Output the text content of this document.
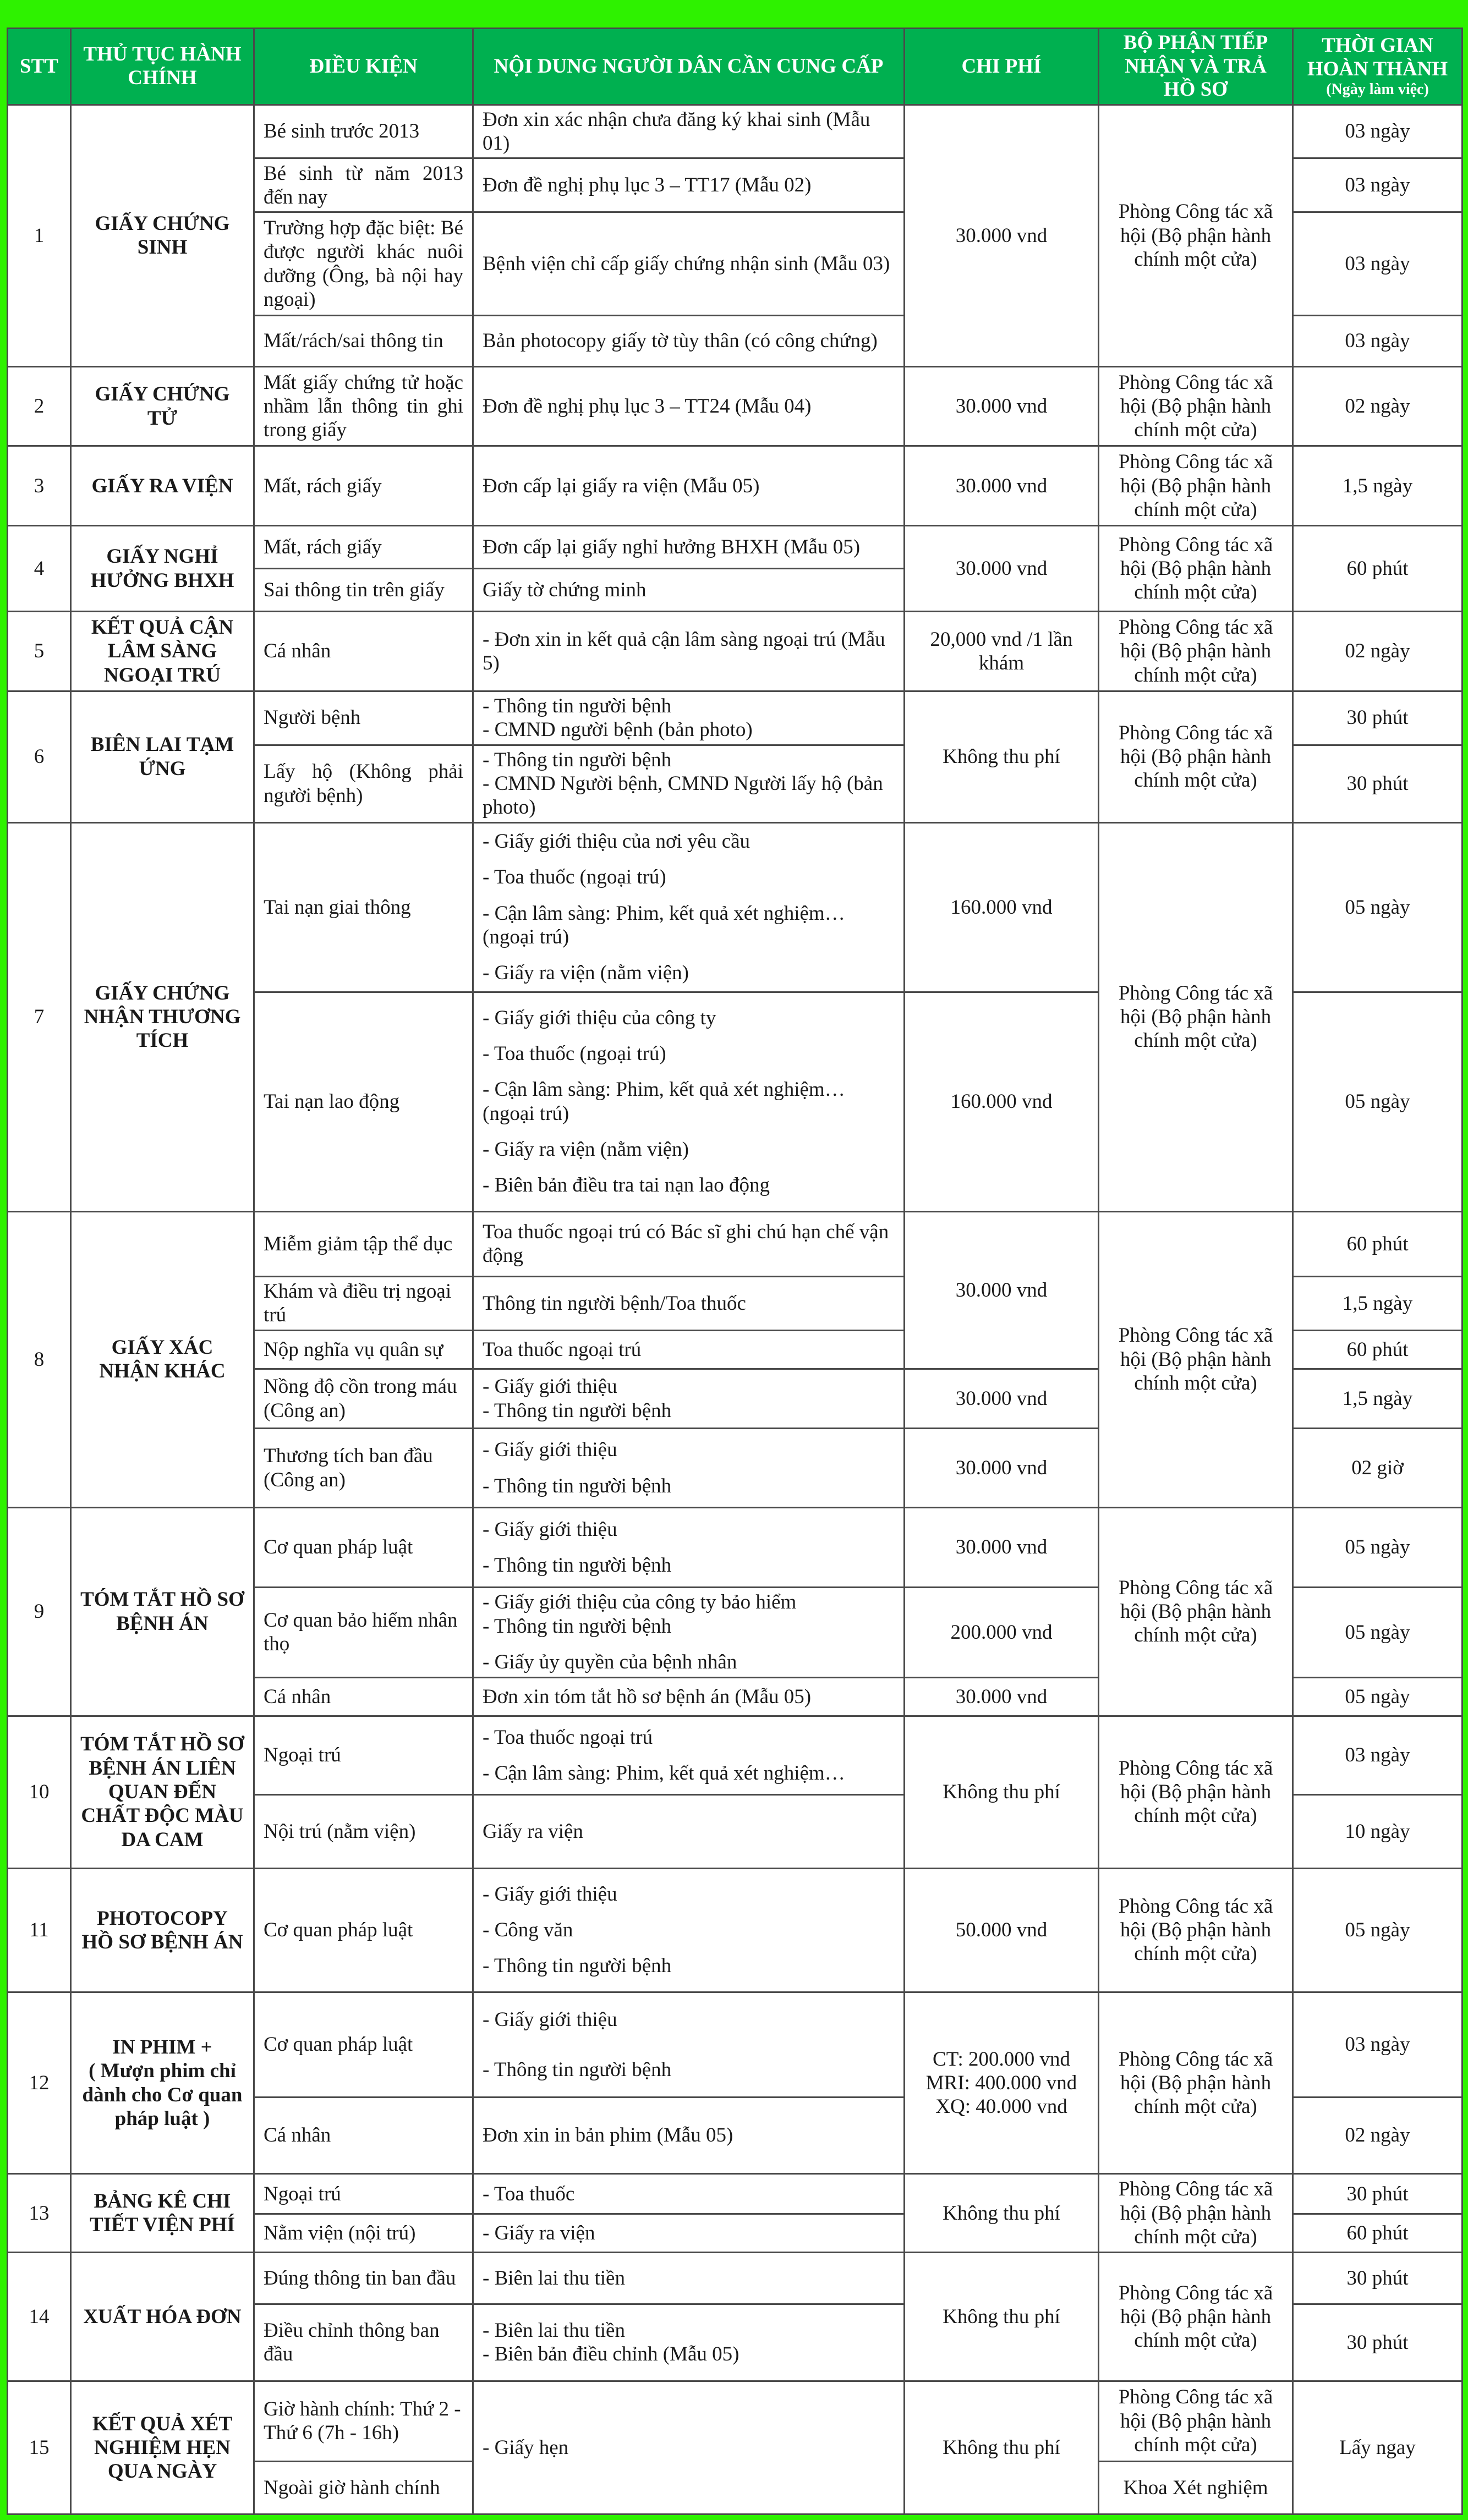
STT	THỦ TỤC HÀNH CHÍNH	ĐIỀU KIỆN	NỘI DUNG NGƯỜI DÂN CẦN CUNG CẤP	CHI PHÍ	BỘ PHẬN TIẾP NHẬN VÀ TRẢ HỒ SƠ	THỜI GIAN HOÀN THÀNH
(Ngày làm việc)

1	GIẤY CHỨNG SINH	Bé sinh trước 2013	Đơn xin xác nhận chưa đăng ký khai sinh (Mẫu 01)	30.000 vnd	Phòng Công tác xã hội (Bộ phận hành chính một cửa)	03 ngày
		Bé sinh từ năm 2013 đến nay	Đơn đề nghị phụ lục 3 – TT17 (Mẫu 02)			03 ngày
		Trường hợp đặc biệt: Bé được người khác nuôi dưỡng (Ông, bà nội hay ngoại)	Bệnh viện chỉ cấp giấy chứng nhận sinh (Mẫu 03)			03 ngày
		Mất/rách/sai thông tin	Bản photocopy giấy tờ tùy thân (có công chứng)			03 ngày
2	GIẤY CHỨNG TỬ	Mất giấy chứng tử hoặc nhầm lẫn thông tin ghi trong giấy	Đơn đề nghị phụ lục 3 – TT24 (Mẫu 04)	30.000 vnd	Phòng Công tác xã hội (Bộ phận hành chính một cửa)	02 ngày
3	GIẤY RA VIỆN	Mất, rách giấy	Đơn cấp lại giấy ra viện (Mẫu 05)	30.000 vnd	Phòng Công tác xã hội (Bộ phận hành chính một cửa)	1,5 ngày
4	GIẤY NGHỈ HƯỞNG BHXH	Mất, rách giấy	Đơn cấp lại giấy nghỉ hưởng BHXH (Mẫu 05)	30.000 vnd	Phòng Công tác xã hội (Bộ phận hành chính một cửa)	60 phút
		Sai thông tin trên giấy	Giấy tờ chứng minh			
5	KẾT QUẢ CẬN LÂM SÀNG NGOẠI TRÚ	Cá nhân	- Đơn xin in kết quả cận lâm sàng ngoại trú (Mẫu 5)	20,000 vnd /1 lần khám	Phòng Công tác xã hội (Bộ phận hành chính một cửa)	02 ngày
6	BIÊN LAI TẠM ỨNG	Người bệnh	- Thông tin người bệnh
- CMND người bệnh (bản photo)	Không thu phí	Phòng Công tác xã hội (Bộ phận hành chính một cửa)	30 phút
		Lấy hộ (Không phải người bệnh)	- Thông tin người bệnh
- CMND Người bệnh, CMND Người lấy hộ (bản photo)			30 phút
7	GIẤY CHỨNG NHẬN THƯƠNG TÍCH	Tai nạn giai thông	- Giấy giới thiệu của nơi yêu cầu
- Toa thuốc (ngoại trú)
- Cận lâm sàng: Phim, kết quả xét nghiệm…(ngoại trú)
- Giấy ra viện (nằm viện)	160.000 vnd	Phòng Công tác xã hội (Bộ phận hành chính một cửa)	05 ngày
		Tai nạn lao động	- Giấy giới thiệu của công ty
- Toa thuốc (ngoại trú)
- Cận lâm sàng: Phim, kết quả xét nghiệm…(ngoại trú)
- Giấy ra viện (nằm viện)
- Biên bản điều tra tai nạn lao động	160.000 vnd		05 ngày
8	GIẤY XÁC NHẬN KHÁC	Miễm giảm tập thể dục	Toa thuốc ngoại trú có Bác sĩ ghi chú hạn chế vận động	30.000 vnd	Phòng Công tác xã hội (Bộ phận hành chính một cửa)	60 phút
		Khám và điều trị ngoại trú	Thông tin người bệnh/Toa thuốc			1,5 ngày
		Nộp nghĩa vụ quân sự	Toa thuốc ngoại trú			60 phút
		Nồng độ cồn trong máu (Công an)	- Giấy giới thiệu
- Thông tin người bệnh	30.000 vnd		1,5 ngày
		Thương tích ban đầu (Công an)	- Giấy giới thiệu
- Thông tin người bệnh	30.000 vnd		02 giờ
9	TÓM TẮT HỒ SƠ BỆNH ÁN	Cơ quan pháp luật	- Giấy giới thiệu
- Thông tin người bệnh	30.000 vnd	Phòng Công tác xã hội (Bộ phận hành chính một cửa)	05 ngày
		Cơ quan bảo hiểm nhân thọ	- Giấy giới thiệu của công ty bảo hiểm
- Thông tin người bệnh
- Giấy ủy quyền của bệnh nhân	200.000 vnd		05 ngày
		Cá nhân	Đơn xin tóm tắt hồ sơ bệnh án (Mẫu 05)	30.000 vnd		05 ngày
10	TÓM TẮT HỒ SƠ BỆNH ÁN LIÊN QUAN ĐẾN CHẤT ĐỘC MÀU DA CAM	Ngoại trú	- Toa thuốc ngoại trú
- Cận lâm sàng: Phim, kết quả xét nghiệm…	Không thu phí	Phòng Công tác xã hội (Bộ phận hành chính một cửa)	03 ngày
		Nội trú (nằm viện)	Giấy ra viện			10 ngày
11	PHOTOCOPY HỒ SƠ BỆNH ÁN	Cơ quan pháp luật	- Giấy giới thiệu
- Công văn
- Thông tin người bệnh	50.000 vnd	Phòng Công tác xã hội (Bộ phận hành chính một cửa)	05 ngày
12	IN PHIM +
( Mượn phim chỉ dành cho Cơ quan pháp luật )	Cơ quan pháp luật	- Giấy giới thiệu
- Thông tin người bệnh	CT: 200.000 vnd
MRI: 400.000 vnd
XQ: 40.000 vnd	Phòng Công tác xã hội (Bộ phận hành chính một cửa)	03 ngày
		Cá nhân	Đơn xin in bản phim (Mẫu 05)			02 ngày
13	BẢNG KÊ CHI TIẾT VIỆN PHÍ	Ngoại trú	- Toa thuốc	Không thu phí	Phòng Công tác xã hội (Bộ phận hành chính một cửa)	30 phút
		Nằm viện (nội trú)	- Giấy ra viện			60 phút
14	XUẤT HÓA ĐƠN	Đúng thông tin ban đầu	- Biên lai thu tiền	Không thu phí	Phòng Công tác xã hội (Bộ phận hành chính một cửa)	30 phút
		Điều chỉnh thông ban đầu	- Biên lai thu tiền
- Biên bản điều chỉnh (Mẫu 05)			30 phút
15	KẾT QUẢ XÉT NGHIỆM HẸN QUA NGÀY	Giờ hành chính: Thứ 2 - Thứ 6 (7h - 16h)	- Giấy hẹn	Không thu phí	Phòng Công tác xã hội (Bộ phận hành chính một cửa)	Lấy ngay
		Ngoài giờ hành chính			Khoa Xét nghiệm	
